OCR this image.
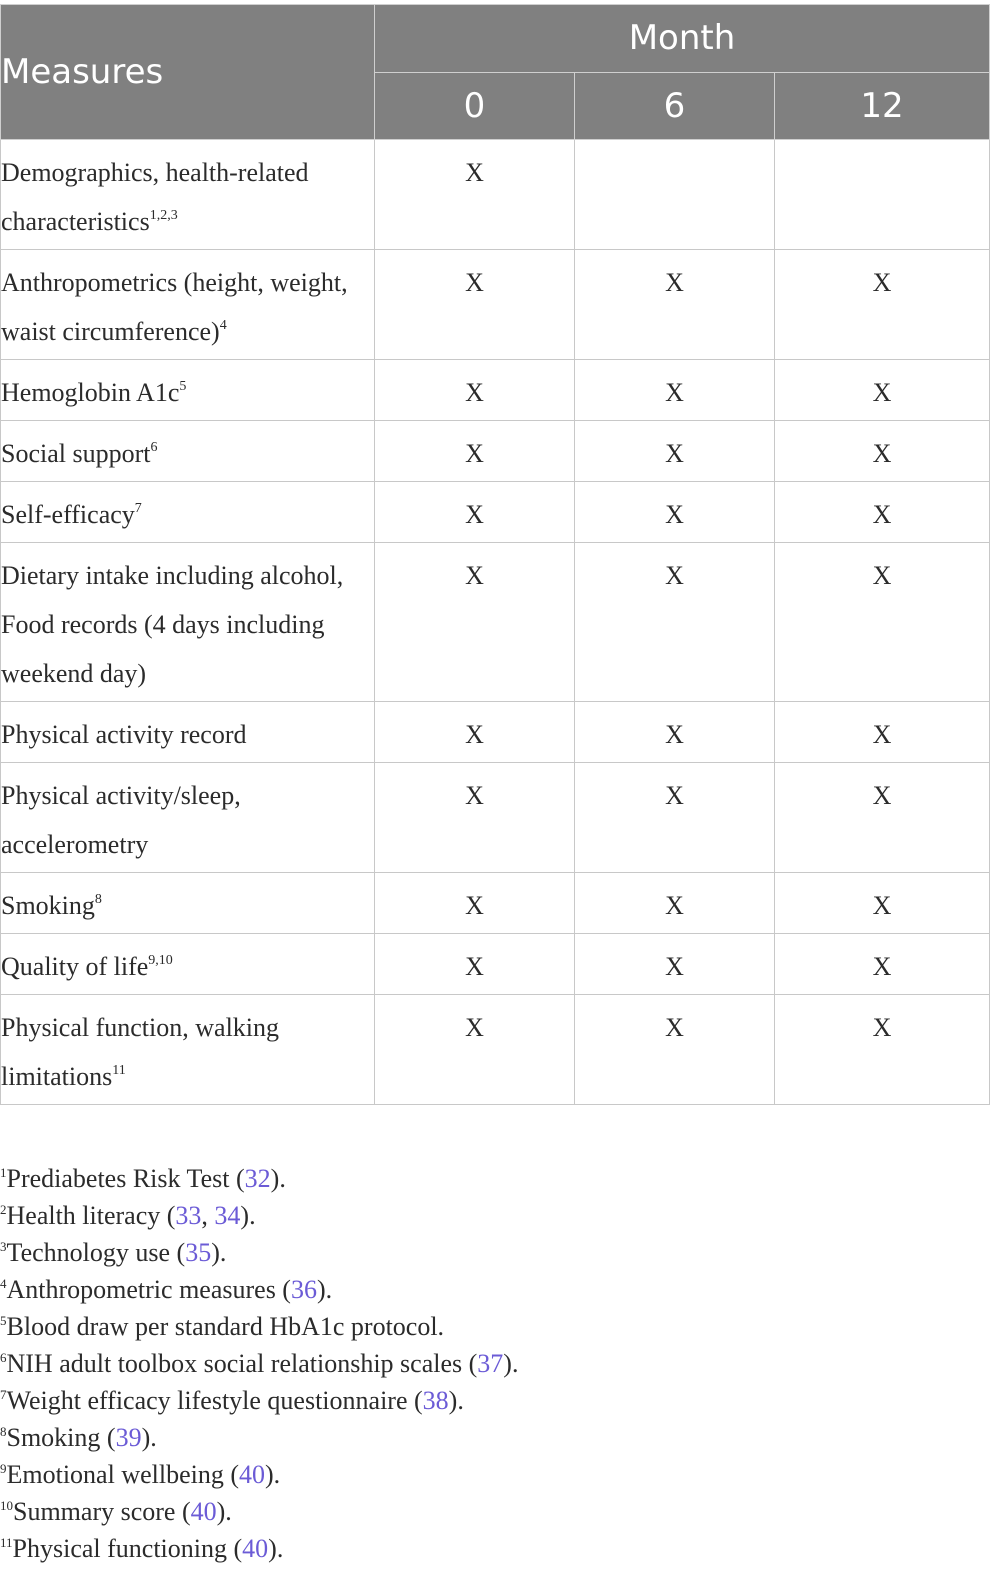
Measures	Month		
	0	6	12
Demographics, health-related characteristics$^{1,2,3}$	X		
Anthropometrics (height, weight, waist circumference)$^4$	X	X	X
Hemoglobin $A1c^5$	X	X	X
Social support$^6$	X	X	X
Self-efficacy$^7$	X	X	X
Dietary intake including alcohol, Food records (4 days including weekend day)	X	X	X
Physical activity record	X	X	X
Physical activity/sleep, accelerometry	X	X	X
Smoking$^8$	X	X	X
Quality of life$^{9,10}$	X	X	X
Physical function, walking limitations$^{11}$	X	X	X
$^1$Prediabetes Risk Test (32).
$^2$Health literacy (33, 34).
$^3$Technology use (35).
$^4$Anthropometric measures (36).
$^5$Blood draw per standard HbA1c protocol.
$^6$NIH adult toolbox social relationship scales (37).
$^7$Weight efficacy lifestyle questionnaire (38).
$^8$Smoking (39).
$^9$Emotional wellbeing (40).
$^{10}$Summary score (40).
$^{11}$Physical functioning (40).
